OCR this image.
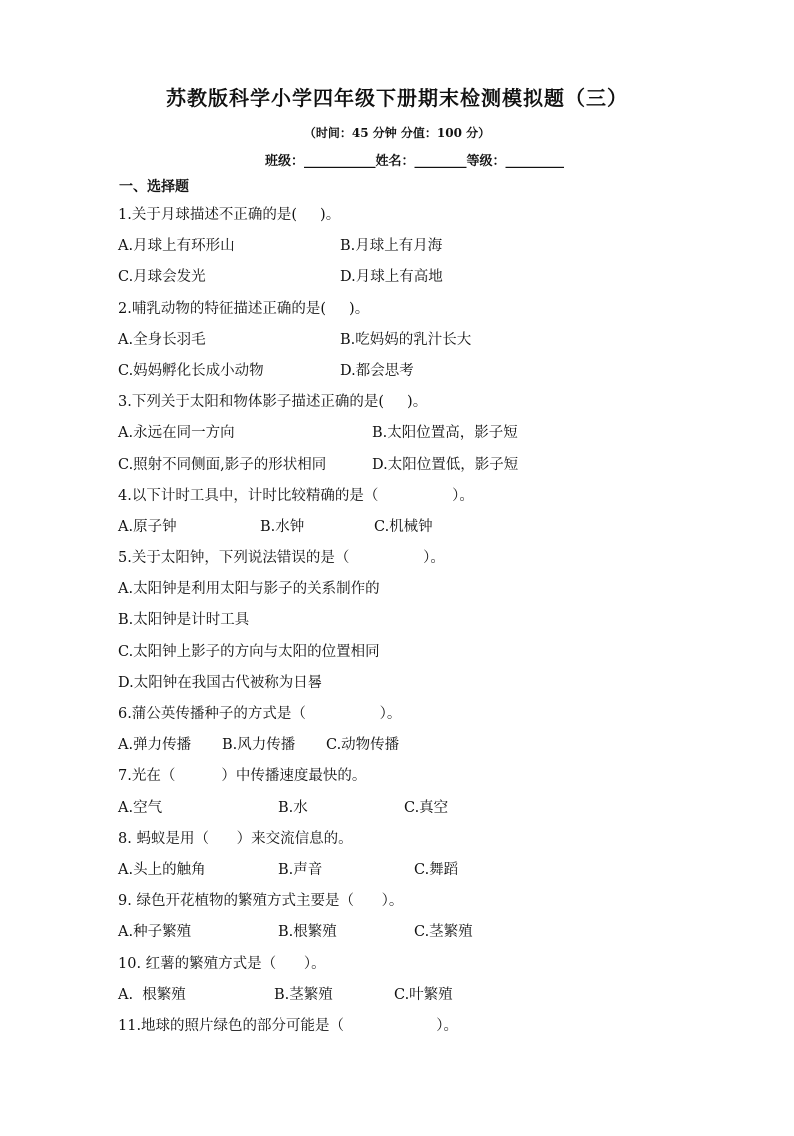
苏教版科学小学四年级下册期末检测模拟题（三）
（时间：45 分钟 分值：100 分）
班级：___________姓名：________等级：_________
一、选择题
1.关于月球描述不正确的是(     )。

A.月球上有环形山

	B.月球上有月海

C.月球会发光

	D.月球上有高地

2.哺乳动物的特征描述正确的是(     )。

A.全身长羽毛

	B.吃妈妈的乳汁长大

C.妈妈孵化长成小动物

	D.都会思考

3.下列关于太阳和物体影子描述正确的是(     )。

A.永远在同一方向

	B.太阳位置高，影子短

C.照射不同侧面,影子的形状相同

	D.太阳位置低，影子短

4.以下计时工具中，计时比较精确的是（                ）。

A.原子钟

	B.水钟

	C.机械钟

5.关于太阳钟，下列说法错误的是（                ）。
A.太阳钟是利用太阳与影子的关系制作的
B.太阳钟是计时工具
C.太阳钟上影子的方向与太阳的位置相同
D.太阳钟在我国古代被称为日晷
6.蒲公英传播种子的方式是（                ）。

A.弹力传播

B.风力传播

C.动物传播

7.光在（          ）中传播速度最快的。

A.空气

	B.水

	C.真空

8. 蚂蚁是用（      ）来交流信息的。

A.头上的触角

	B.声音

	C.舞蹈

9. 绿色开花植物的繁殖方式主要是（      ）。

A.种子繁殖

	B.根繁殖

	C.茎繁殖

10. 红薯的繁殖方式是（      ）。

A.  根繁殖

	B.茎繁殖

	C.叶繁殖

11.地球的照片绿色的部分可能是（                    ）。
